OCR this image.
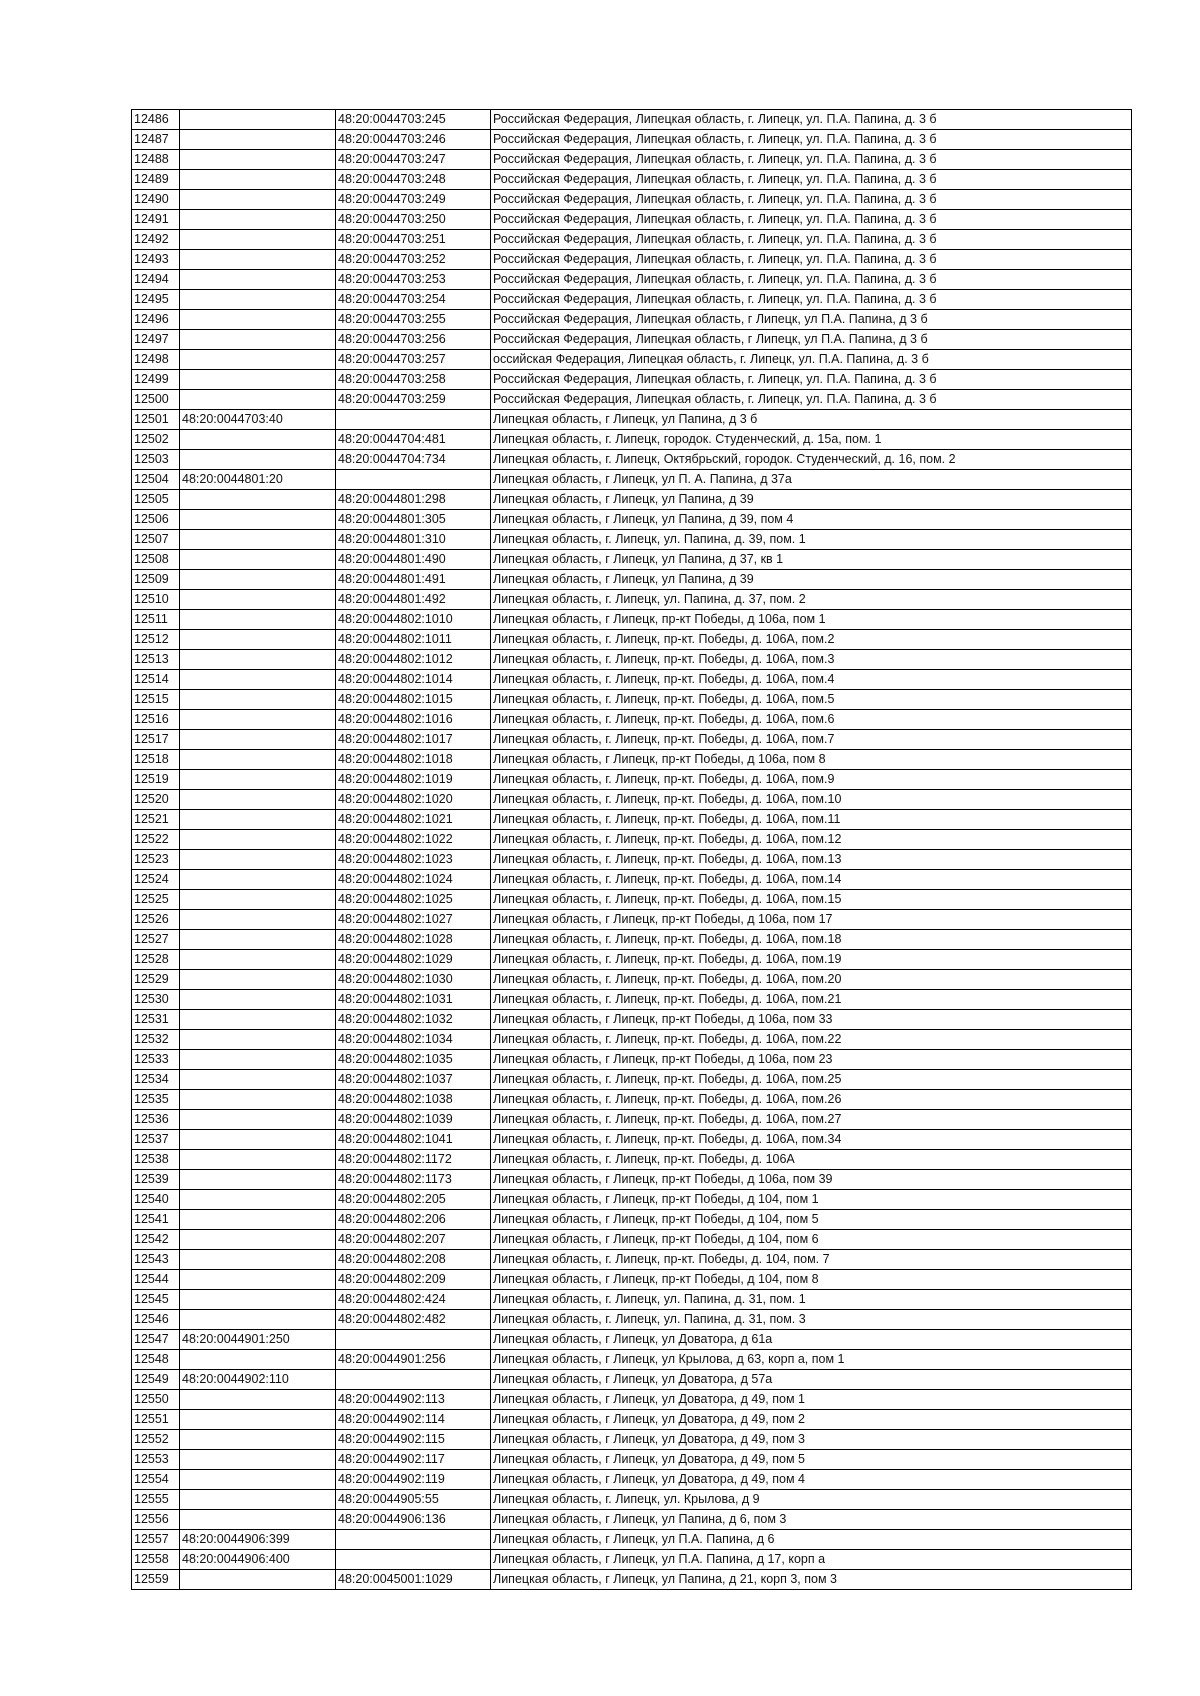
12486		48:20:0044703:245	Российская Федерация, Липецкая область, г. Липецк, ул. П.А. Папина, д. 3 б
12487		48:20:0044703:246	Российская Федерация, Липецкая область, г. Липецк, ул. П.А. Папина, д. 3 б
12488		48:20:0044703:247	Российская Федерация, Липецкая область, г. Липецк, ул. П.А. Папина, д. 3 б
12489		48:20:0044703:248	Российская Федерация, Липецкая область, г. Липецк, ул. П.А. Папина, д. 3 б
12490		48:20:0044703:249	Российская Федерация, Липецкая область, г. Липецк, ул. П.А. Папина, д. 3 б
12491		48:20:0044703:250	Российская Федерация, Липецкая область, г. Липецк, ул. П.А. Папина, д. 3 б
12492		48:20:0044703:251	Российская Федерация, Липецкая область, г. Липецк, ул. П.А. Папина, д. 3 б
12493		48:20:0044703:252	Российская Федерация, Липецкая область, г. Липецк, ул. П.А. Папина, д. 3 б
12494		48:20:0044703:253	Российская Федерация, Липецкая область, г. Липецк, ул. П.А. Папина, д. 3 б
12495		48:20:0044703:254	Российская Федерация, Липецкая область, г. Липецк, ул. П.А. Папина, д. 3 б
12496		48:20:0044703:255	Российская Федерация, Липецкая область, г Липецк, ул П.А. Папина, д 3 б
12497		48:20:0044703:256	Российская Федерация, Липецкая область, г Липецк, ул П.А. Папина, д 3 б
12498		48:20:0044703:257	оссийская Федерация, Липецкая область, г. Липецк, ул. П.А. Папина, д. 3 б
12499		48:20:0044703:258	Российская Федерация, Липецкая область, г. Липецк, ул. П.А. Папина, д. 3 б
12500		48:20:0044703:259	Российская Федерация, Липецкая область, г. Липецк, ул. П.А. Папина, д. 3 б
12501	48:20:0044703:40		Липецкая область, г Липецк, ул Папина, д 3 б
12502		48:20:0044704:481	Липецкая область, г. Липецк, городок. Студенческий, д. 15а, пом. 1
12503		48:20:0044704:734	Липецкая область, г. Липецк, Октябрьский, городок. Студенческий, д. 16, пом. 2
12504	48:20:0044801:20		Липецкая область, г Липецк, ул П. А. Папина, д 37а
12505		48:20:0044801:298	Липецкая область, г Липецк, ул Папина, д 39
12506		48:20:0044801:305	Липецкая область, г Липецк, ул Папина, д 39, пом 4
12507		48:20:0044801:310	Липецкая область, г. Липецк, ул. Папина, д. 39, пом. 1
12508		48:20:0044801:490	Липецкая область, г Липецк, ул Папина, д 37, кв 1
12509		48:20:0044801:491	Липецкая область, г Липецк, ул Папина, д 39
12510		48:20:0044801:492	Липецкая область, г. Липецк, ул. Папина, д. 37, пом. 2
12511		48:20:0044802:1010	Липецкая область, г Липецк, пр-кт Победы, д 106а, пом 1
12512		48:20:0044802:1011	Липецкая область, г. Липецк, пр-кт. Победы, д. 106А, пом.2
12513		48:20:0044802:1012	Липецкая область, г. Липецк, пр-кт. Победы, д. 106А, пом.3
12514		48:20:0044802:1014	Липецкая область, г. Липецк, пр-кт. Победы, д. 106А, пом.4
12515		48:20:0044802:1015	Липецкая область, г. Липецк, пр-кт. Победы, д. 106А, пом.5
12516		48:20:0044802:1016	Липецкая область, г. Липецк, пр-кт. Победы, д. 106А, пом.6
12517		48:20:0044802:1017	Липецкая область, г. Липецк, пр-кт. Победы, д. 106А, пом.7
12518		48:20:0044802:1018	Липецкая область, г Липецк, пр-кт Победы, д 106а, пом 8
12519		48:20:0044802:1019	Липецкая область, г. Липецк, пр-кт. Победы, д. 106А, пом.9
12520		48:20:0044802:1020	Липецкая область, г. Липецк, пр-кт. Победы, д. 106А, пом.10
12521		48:20:0044802:1021	Липецкая область, г. Липецк, пр-кт. Победы, д. 106А, пом.11
12522		48:20:0044802:1022	Липецкая область, г. Липецк, пр-кт. Победы, д. 106А, пом.12
12523		48:20:0044802:1023	Липецкая область, г. Липецк, пр-кт. Победы, д. 106А, пом.13
12524		48:20:0044802:1024	Липецкая область, г. Липецк, пр-кт. Победы, д. 106А, пом.14
12525		48:20:0044802:1025	Липецкая область, г. Липецк, пр-кт. Победы, д. 106А, пом.15
12526		48:20:0044802:1027	Липецкая область, г Липецк, пр-кт Победы, д 106а, пом 17
12527		48:20:0044802:1028	Липецкая область, г. Липецк, пр-кт. Победы, д. 106А, пом.18
12528		48:20:0044802:1029	Липецкая область, г. Липецк, пр-кт. Победы, д. 106А, пом.19
12529		48:20:0044802:1030	Липецкая область, г. Липецк, пр-кт. Победы, д. 106А, пом.20
12530		48:20:0044802:1031	Липецкая область, г. Липецк, пр-кт. Победы, д. 106А, пом.21
12531		48:20:0044802:1032	Липецкая область, г Липецк, пр-кт Победы, д 106а, пом 33
12532		48:20:0044802:1034	Липецкая область, г. Липецк, пр-кт. Победы, д. 106А, пом.22
12533		48:20:0044802:1035	Липецкая область, г Липецк, пр-кт Победы, д 106а, пом 23
12534		48:20:0044802:1037	Липецкая область, г. Липецк, пр-кт. Победы, д. 106А, пом.25
12535		48:20:0044802:1038	Липецкая область, г. Липецк, пр-кт. Победы, д. 106А, пом.26
12536		48:20:0044802:1039	Липецкая область, г. Липецк, пр-кт. Победы, д. 106А, пом.27
12537		48:20:0044802:1041	Липецкая область, г. Липецк, пр-кт. Победы, д. 106А, пом.34
12538		48:20:0044802:1172	Липецкая область, г. Липецк, пр-кт. Победы, д. 106А
12539		48:20:0044802:1173	Липецкая область, г Липецк, пр-кт Победы, д 106а, пом 39
12540		48:20:0044802:205	Липецкая область, г Липецк, пр-кт Победы, д 104, пом 1
12541		48:20:0044802:206	Липецкая область, г Липецк, пр-кт Победы, д 104, пом 5
12542		48:20:0044802:207	Липецкая область, г Липецк, пр-кт Победы, д 104, пом 6
12543		48:20:0044802:208	Липецкая область, г. Липецк, пр-кт. Победы, д. 104, пом. 7
12544		48:20:0044802:209	Липецкая область, г Липецк, пр-кт Победы, д 104, пом 8
12545		48:20:0044802:424	Липецкая область, г. Липецк, ул. Папина, д. 31, пом. 1
12546		48:20:0044802:482	Липецкая область, г. Липецк, ул. Папина, д. 31, пом. 3
12547	48:20:0044901:250		Липецкая область, г Липецк, ул Доватора, д 61а
12548		48:20:0044901:256	Липецкая область, г Липецк, ул Крылова, д 63, корп а, пом 1
12549	48:20:0044902:110		Липецкая область, г Липецк, ул Доватора, д 57а
12550		48:20:0044902:113	Липецкая область, г Липецк, ул Доватора, д 49, пом 1
12551		48:20:0044902:114	Липецкая область, г Липецк, ул Доватора, д 49, пом 2
12552		48:20:0044902:115	Липецкая область, г Липецк, ул Доватора, д 49, пом 3
12553		48:20:0044902:117	Липецкая область, г Липецк, ул Доватора, д 49, пом 5
12554		48:20:0044902:119	Липецкая область, г Липецк, ул Доватора, д 49, пом 4
12555		48:20:0044905:55	Липецкая область, г. Липецк, ул. Крылова, д 9
12556		48:20:0044906:136	Липецкая область, г Липецк, ул Папина, д 6, пом 3
12557	48:20:0044906:399		Липецкая область, г Липецк, ул П.А. Папина, д 6
12558	48:20:0044906:400		Липецкая область, г Липецк, ул П.А. Папина, д 17, корп а
12559		48:20:0045001:1029	Липецкая область, г Липецк, ул Папина, д 21, корп 3, пом 3
